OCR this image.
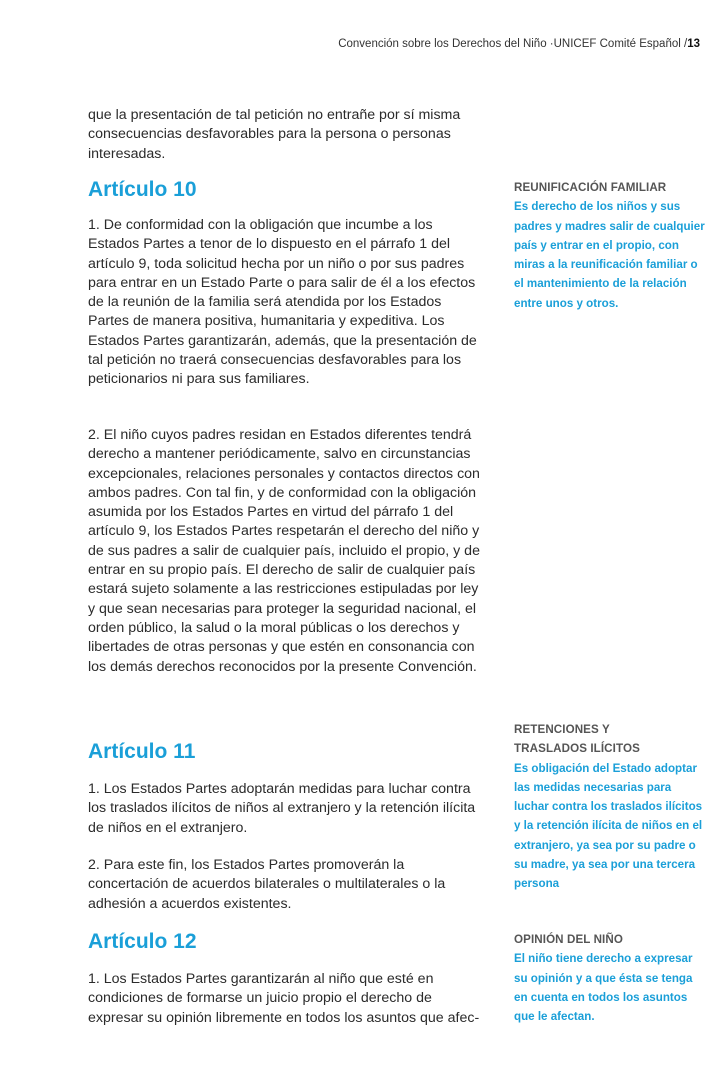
Convención sobre los Derechos del Niño ·UNICEF Comité Español /13

que la presentación de tal petición no entrañe por sí misma consecuencias desfavorables para la persona o personas interesadas.

Artículo 10

1. De conformidad con la obligación que incumbe a los Estados Partes a tenor de lo dispuesto en el párrafo 1 del artículo 9, toda solicitud hecha por un niño o por sus padres para entrar en un Estado Parte o para salir de él a los efectos de la reunión de la familia será atendida por los Estados Partes de manera positiva, humanitaria y expeditiva. Los Estados Partes garantizarán, además, que la presentación de tal petición no traerá consecuencias desfavorables para los peticionarios ni para sus familiares.

2. El niño cuyos padres residan en Estados diferentes tendrá derecho a mantener periódicamente, salvo en circunstancias excepcionales, relaciones personales y contactos directos con ambos padres. Con tal fin, y de conformidad con la obligación asumida por los Estados Partes en virtud del párrafo 1 del artículo 9, los Estados Partes respetarán el derecho del niño y de sus padres a salir de cualquier país, incluido el propio, y de entrar en su propio país. El derecho de salir de cualquier país estará sujeto solamente a las restricciones estipuladas por ley y que sean necesarias para proteger la seguridad nacional, el orden público, la salud o la moral públicas o los derechos y libertades de otras personas y que estén en consonancia con los demás derechos reconocidos por la presente Convención.

Artículo 11

1. Los Estados Partes adoptarán medidas para luchar contra los traslados ilícitos de niños al extranjero y la retención ilícita de niños en el extranjero.

2. Para este fin, los Estados Partes promoverán la concertación de acuerdos bilaterales o multilaterales o la adhesión a acuerdos existentes.

Artículo 12

1. Los Estados Partes garantizarán al niño que esté en condiciones de formarse un juicio propio el derecho de expresar su opinión libremente en todos los asuntos que afec-

REUNIFICACIÓN FAMILIAR

Es derecho de los niños y sus padres y madres salir de cualquier país y entrar en el propio, con miras a la reunificación familiar o el mantenimiento de la relación entre unos y otros.

RETENCIONES Y TRASLADOS ILÍCITOS

Es obligación del Estado adoptar las medidas necesarias para luchar contra los traslados ilícitos y la retención ilícita de niños en el extranjero, ya sea por su padre o su madre, ya sea por una tercera persona

OPINIÓN DEL NIÑO

El niño tiene derecho a expresar su opinión y a que ésta se tenga en cuenta en todos los asuntos que le afectan.
